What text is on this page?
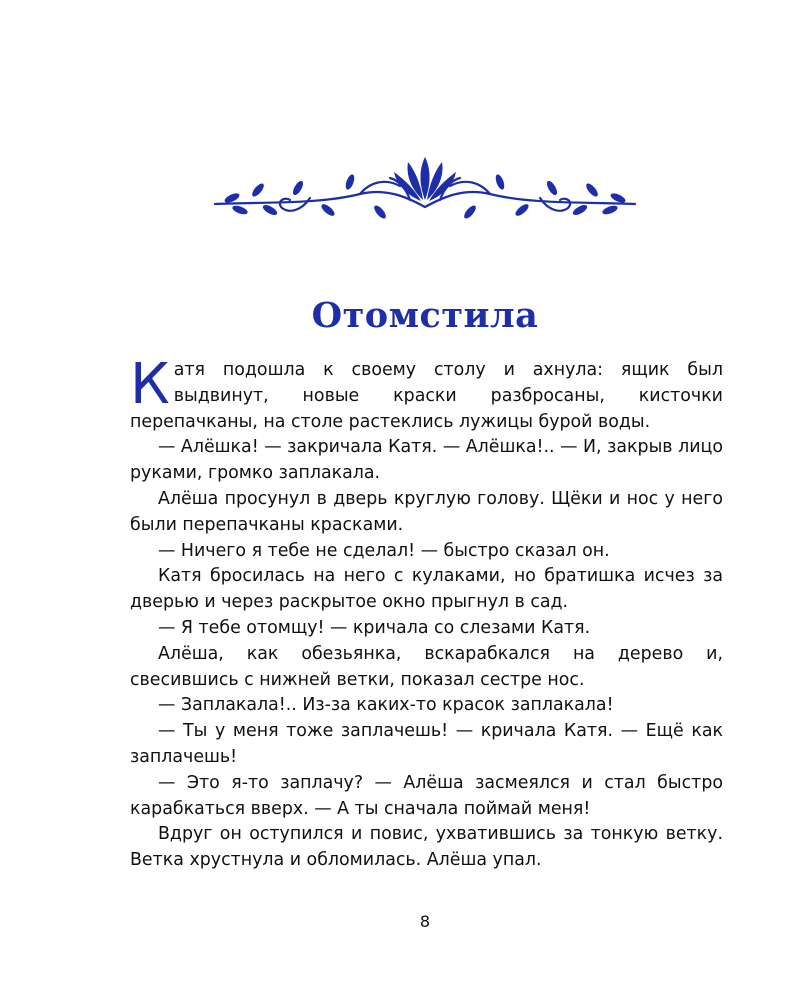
Отомстила

Катя подошла к своему столу и ахнула: ящик был выдвинут, новые краски разбросаны, кисточки перепачканы, на столе растеклись лужицы бурой воды.

— Алёшка! — закричала Катя. — Алёшка!.. — И, закрыв лицо руками, громко заплакала.

Алёша просунул в дверь круглую голову. Щёки и нос у него были перепачканы красками.

— Ничего я тебе не сделал! — быстро сказал он.

Катя бросилась на него с кулаками, но братишка исчез за дверью и через раскрытое окно прыгнул в сад.

— Я тебе отомщу! — кричала со слезами Катя.

Алёша, как обезьянка, вскарабкался на дерево и, свесившись с нижней ветки, показал сестре нос.

— Заплакала!.. Из-за каких-то красок заплакала!

— Ты у меня тоже заплачешь! — кричала Катя. — Ещё как заплачешь!

— Это я-то заплачу? — Алёша засмеялся и стал быстро карабкаться вверх. — А ты сначала поймай меня!

Вдруг он оступился и повис, ухватившись за тонкую ветку. Ветка хрустнула и обломилась. Алёша упал.

8
